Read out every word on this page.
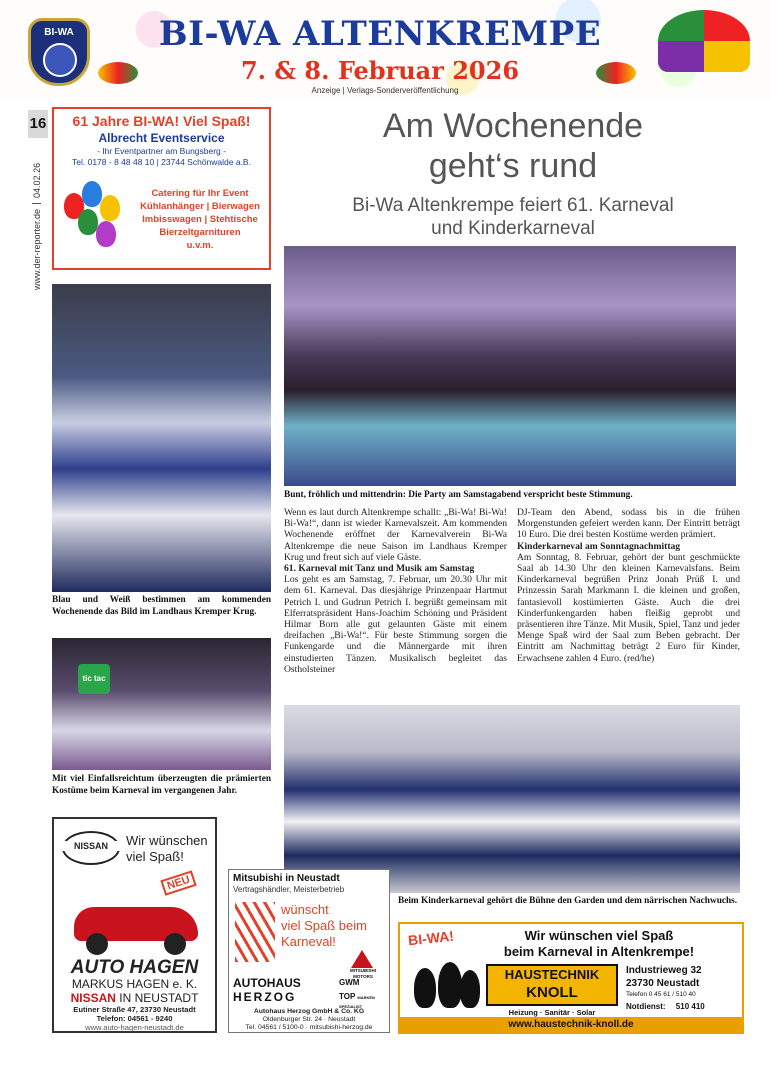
BI-WA	BI-WA ALTENKREMPE
7. & 8. Februar 2026
Anzeige | Verlags-Sonderveröffentlichung
16
www.der-reporter.de04.02.26
61 Jahre BI-WA! Viel Spaß!
Albrecht Eventservice
- Ihr Eventpartner am Bungsberg -
Tel. 0178 - 8 48 48 10 | 23744 Schönwalde a.B.
Catering für Ihr Event
Kühlanhänger | Bierwagen
Imbisswagen | Stehtische
Bierzeltgarnituren
u.v.m.
Blau und Weiß bestimmen am kommenden Wochenende das Bild im Landhaus Kremper Krug.
tic tac
Mit viel Einfallsreichtum überzeugten die prämierten Kostüme beim Karneval im vergangenen Jahr.
Am Wochenende
geht‘s rund
Bi-Wa Altenkrempe feiert 61. Karneval
und Kinderkarneval
Bunt, fröhlich und mittendrin: Die Party am Samstagabend verspricht beste Stimmung.
Wenn es laut durch Altenkrempe schallt: „Bi-Wa! Bi-Wa! Bi-Wa!“, dann ist wieder Karnevalszeit. Am kommenden Wochenende eröffnet der Karnevalverein Bi-Wa Altenkrempe die neue Saison im Landhaus Kremper Krug und freut sich auf viele Gäste.
61. Karneval mit Tanz und Musik am Samstag
Los geht es am Samstag, 7. Februar, um 20.30 Uhr mit dem 61. Karneval. Das diesjährige Prinzenpaar Hartmut Petrich I. und Gudrun Petrich I. begrüßt gemeinsam mit Elferratspräsident Hans-Joachim Schöning und Präsident Hilmar Born alle gut gelaunten Gäste mit einem dreifachen „Bi-Wa!“. Für beste Stimmung sorgen die Funkengarde und die Männergarde mit ihren einstudierten Tänzen. Musikalisch begleitet das Ostholsteiner
DJ-Team den Abend, sodass bis in die frühen Morgenstunden gefeiert werden kann. Der Eintritt beträgt 10 Euro. Die drei besten Kostüme werden prämiert.
Kinderkarneval am Sonntagnachmittag
Am Sonntag, 8. Februar, gehört der bunt geschmückte Saal ab 14.30 Uhr den kleinen Karnevalsfans. Beim Kinderkarneval begrüßen Prinz Jonah Prüß I. und Prinzessin Sarah Markmann I. die kleinen und großen, fantasievoll kostümierten Gäste. Auch die drei Kinderfunkengarden haben fleißig geprobt und präsentieren ihre Tänze. Mit Musik, Spiel, Tanz und jeder Menge Spaß wird der Saal zum Beben gebracht. Der Eintritt am Nachmittag beträgt 2 Euro für Kinder, Erwachsene zahlen 4 Euro. (red/he)
Beim Kinderkarneval gehört die Bühne den Garden und dem närrischen Nachwuchs.
NISSAN	Wir wünschen
viel Spaß!
NEU
AUTO HAGEN
MARKUS HAGEN e. K.
NISSAN IN NEUSTADT
Eutiner Straße 47, 23730 Neustadt
Telefon: 04561 - 9240
www.auto-hagen-neustadt.de
Mitsubishi in Neustadt
Vertragshändler, Meisterbetrieb
wünscht
viel Spaß beim
Karneval!
MITSUBISHI MOTORS
AUTOHAUS
HERZOG
GWM
TOP MARKEN SPEZIALIST
Autohaus Herzog GmbH & Co. KG
Oldenburger Str. 24 · Neustadt
Tel. 04561 / 5100-0 · mitsubishi-herzog.de
BI-WA!	Wir wünschen viel Spaß
beim Karneval in Altenkrempe!
HAUSTECHNIK
KNOLL
Heizung · Sanitär · Solar
Industrieweg 32
23730 Neustadt
Telefon 0 45 61 / 510 40
Notdienst: 510 410
www.haustechnik-knoll.de
